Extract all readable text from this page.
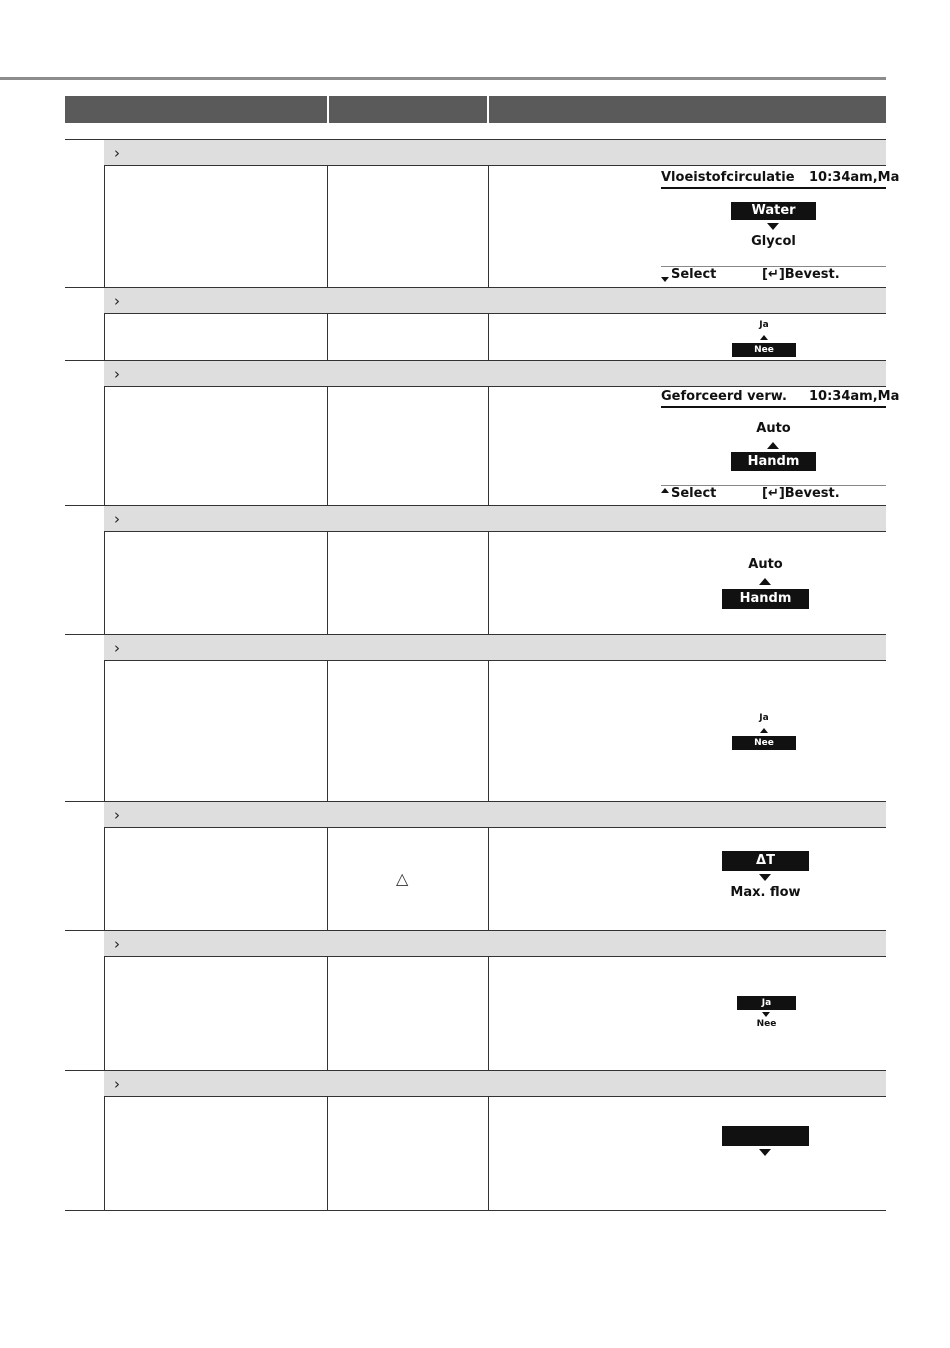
›
›
›
›
›
›
›
›
Vloeistofcirculatie 10:34am,Ma
Water
Glycol
Select	[↵]Bevest.
Ja
Nee
Geforceerd verw. 10:34am,Ma
Auto
Handm
Select	[↵]Bevest.
Auto
Handm
Ja
Nee
△
ΔT
Max. flow
Ja
Nee
